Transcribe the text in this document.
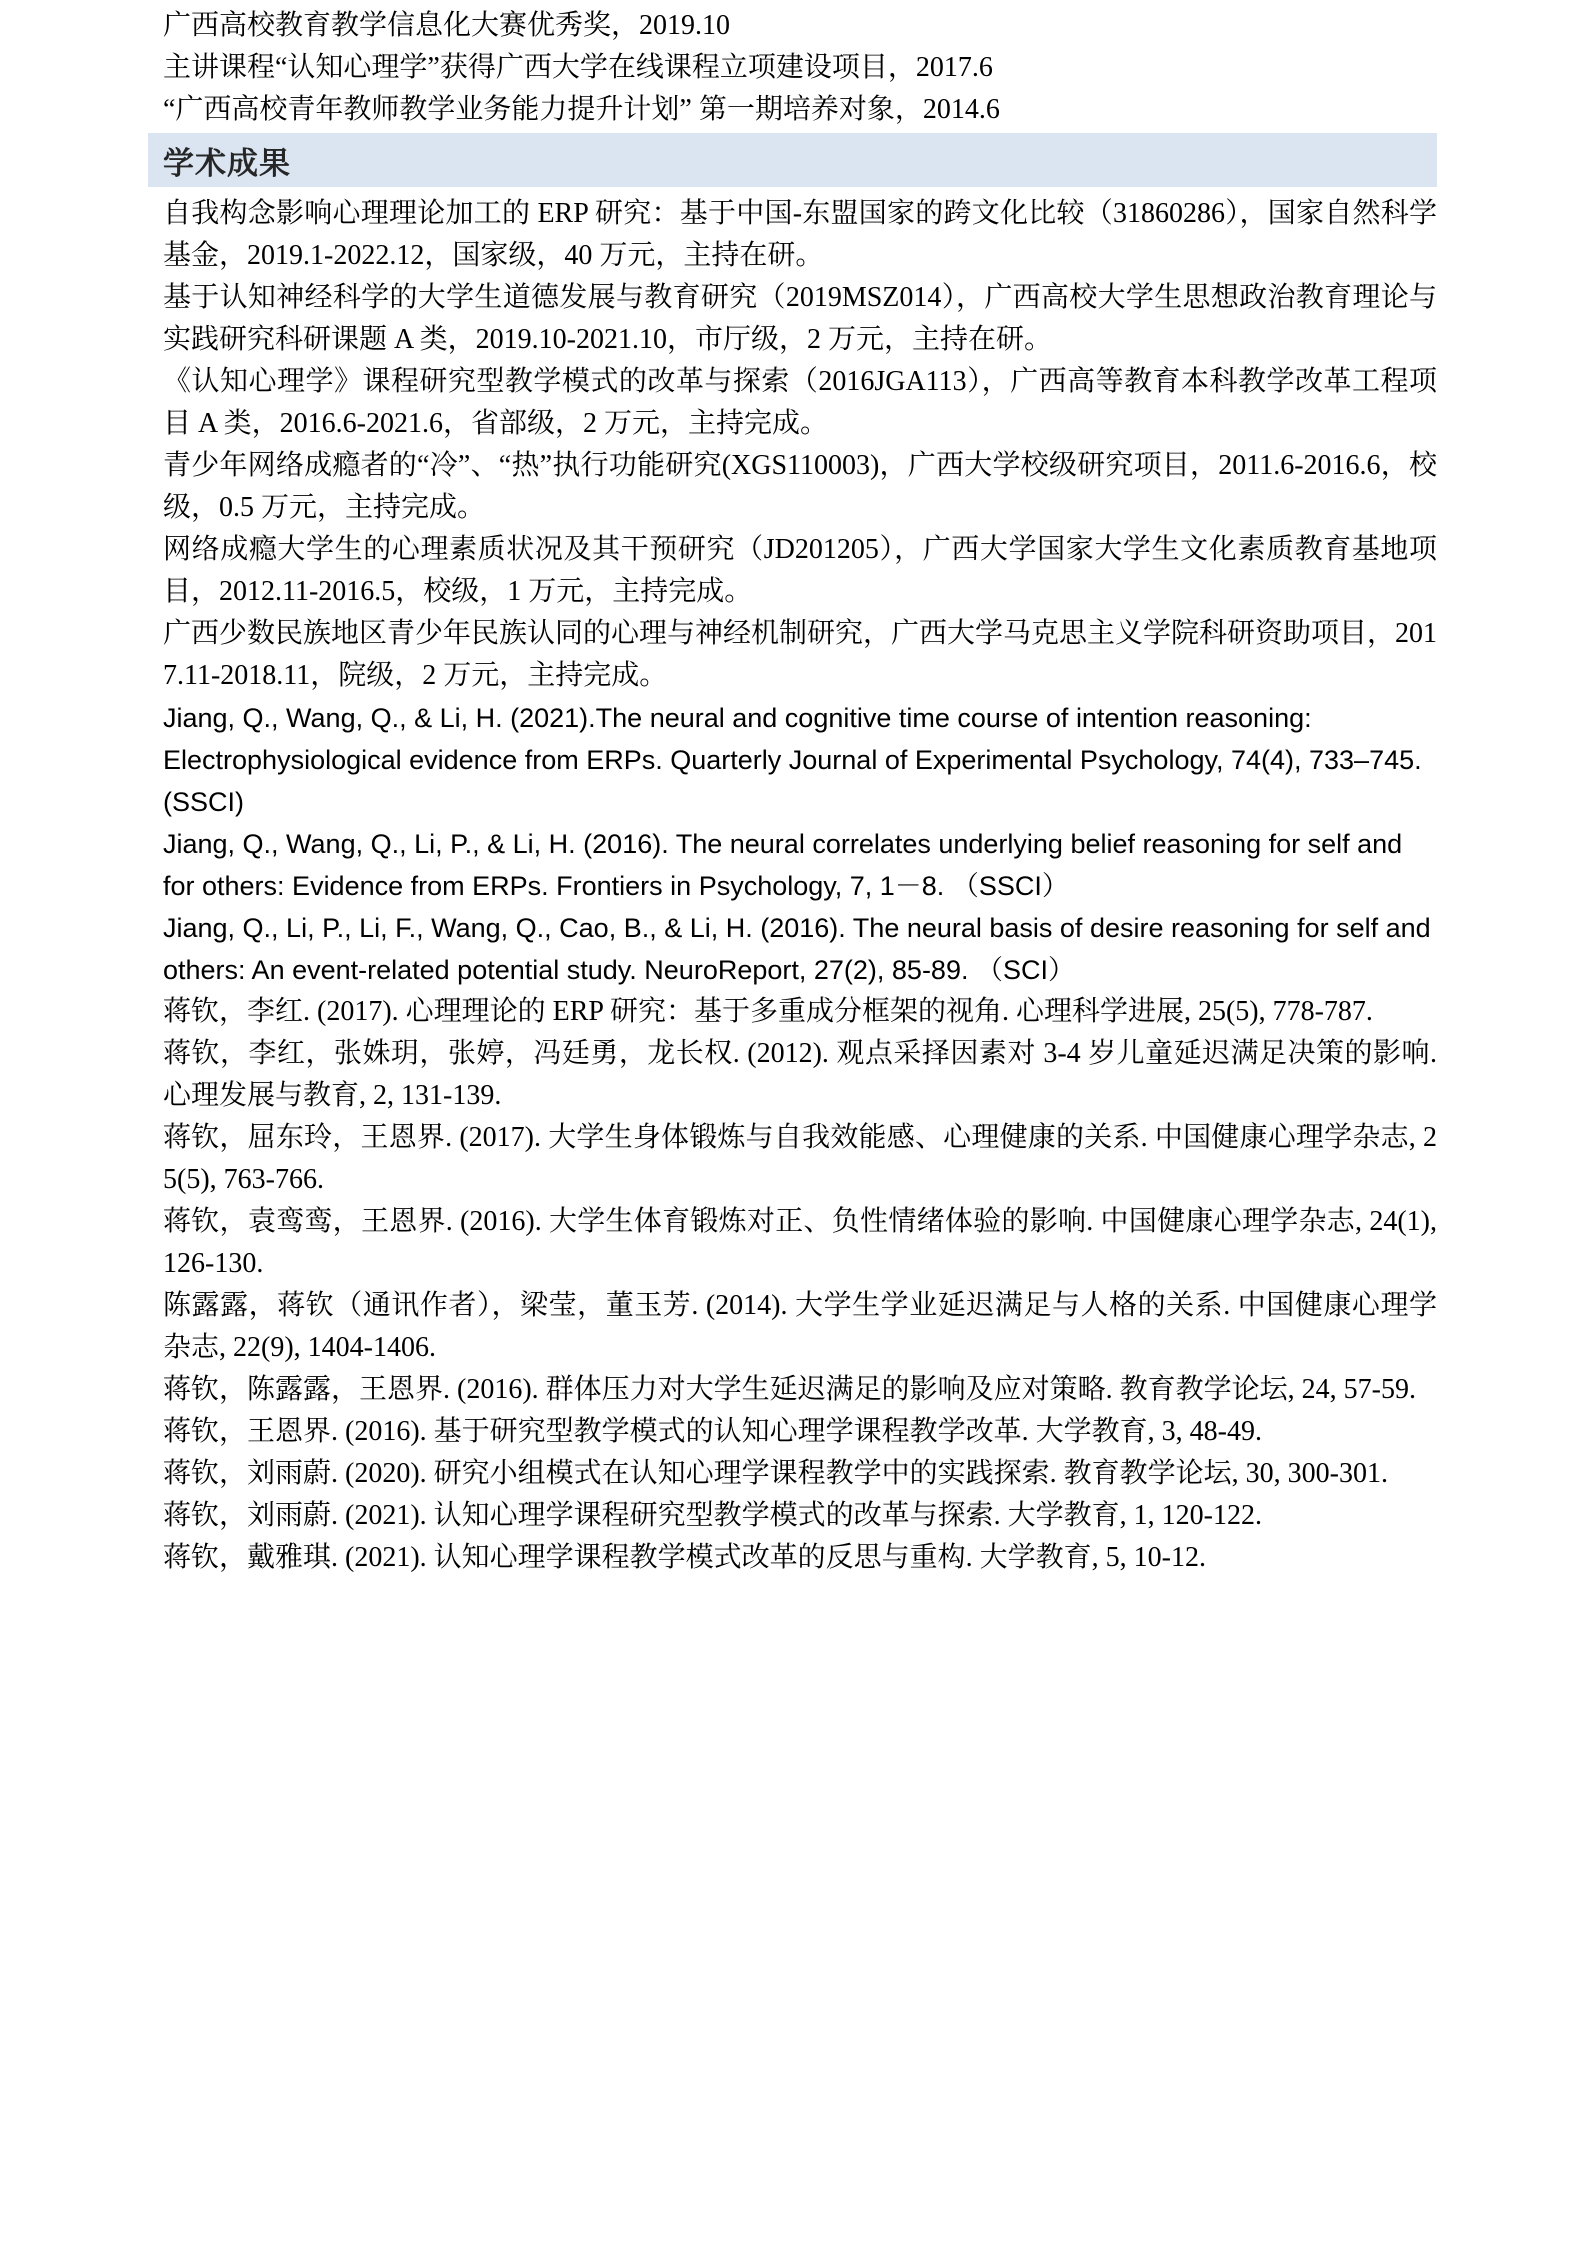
广西高校教育教学信息化大赛优秀奖，2019.10

主讲课程“认知心理学”获得广西大学在线课程立项建设项目，2017.6

“广西高校青年教师教学业务能力提升计划” 第一期培养对象，2014.6

学术成果

自我构念影响心理理论加工的 ERP 研究：基于中国-东盟国家的跨文化比较（31860286），国家自然科学基金，2019.1-2022.12，国家级，40 万元，主持在研。

基于认知神经科学的大学生道德发展与教育研究（2019MSZ014），广西高校大学生思想政治教育理论与实践研究科研课题 A 类，2019.10-2021.10，市厅级，2 万元，主持在研。

《认知心理学》课程研究型教学模式的改革与探索（2016JGA113），广西高等教育本科教学改革工程项目 A 类，2016.6-2021.6，省部级，2 万元，主持完成。

青少年网络成瘾者的“冷”、“热”执行功能研究(XGS110003)，广西大学校级研究项目，2011.6-2016.6，校级，0.5 万元，主持完成。

网络成瘾大学生的心理素质状况及其干预研究（JD201205），广西大学国家大学生文化素质教育基地项目，2012.11-2016.5，校级，1 万元，主持完成。

广西少数民族地区青少年民族认同的心理与神经机制研究，广西大学马克思主义学院科研资助项目，2017.11-2018.11，院级，2 万元，主持完成。

Jiang, Q., Wang, Q., & Li, H. (2021).The neural and cognitive time course of intention reasoning: Electrophysiological evidence from ERPs. Quarterly Journal of Experimental Psychology, 74(4), 733–745. (SSCI)

Jiang, Q., Wang, Q., Li, P., & Li, H. (2016). The neural correlates underlying belief reasoning for self and for others: Evidence from ERPs. Frontiers in Psychology, 7, 1－8. （SSCI）

Jiang, Q., Li, P., Li, F., Wang, Q., Cao, B., & Li, H. (2016). The neural basis of desire reasoning for self and others: An event-related potential study. NeuroReport, 27(2), 85-89. （SCI）

蒋钦，李红. (2017). 心理理论的 ERP 研究：基于多重成分框架的视角. 心理科学进展, 25(5), 778-787.

蒋钦，李红，张姝玥，张婷，冯廷勇，龙长权. (2012). 观点采择因素对 3-4 岁儿童延迟满足决策的影响. 心理发展与教育, 2, 131-139.

蒋钦，屈东玲，王恩界. (2017). 大学生身体锻炼与自我效能感、心理健康的关系. 中国健康心理学杂志, 25(5), 763-766.

蒋钦，袁鸾鸾，王恩界. (2016). 大学生体育锻炼对正、负性情绪体验的影响. 中国健康心理学杂志, 24(1), 126-130.

陈露露，蒋钦（通讯作者），梁莹，董玉芳. (2014). 大学生学业延迟满足与人格的关系. 中国健康心理学杂志, 22(9), 1404-1406.

蒋钦，陈露露，王恩界. (2016). 群体压力对大学生延迟满足的影响及应对策略. 教育教学论坛, 24, 57-59.

蒋钦，王恩界. (2016). 基于研究型教学模式的认知心理学课程教学改革. 大学教育, 3, 48-49.

蒋钦，刘雨蔚. (2020). 研究小组模式在认知心理学课程教学中的实践探索. 教育教学论坛, 30, 300-301.

蒋钦，刘雨蔚. (2021). 认知心理学课程研究型教学模式的改革与探索. 大学教育, 1, 120-122.

蒋钦，戴雅琪. (2021). 认知心理学课程教学模式改革的反思与重构. 大学教育, 5, 10-12.
